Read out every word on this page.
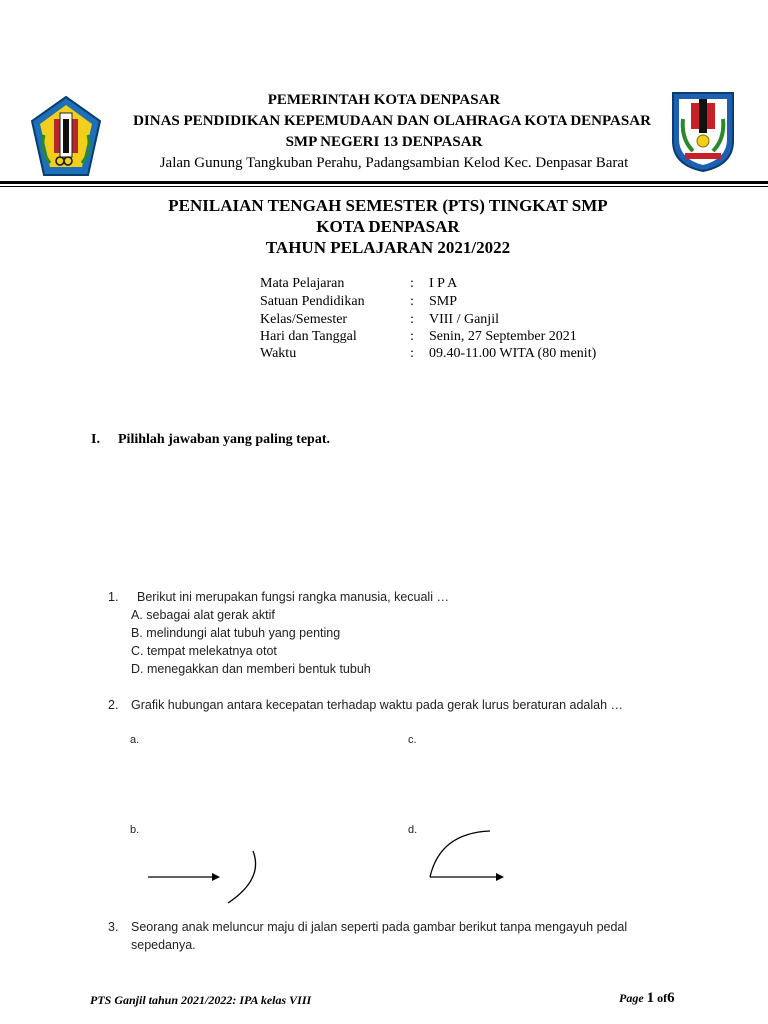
PEMERINTAH KOTA DENPASAR
DINAS PENDIDIKAN KEPEMUDAAN DAN OLAHRAGA KOTA DENPASAR
SMP NEGERI 13 DENPASAR
Jalan Gunung Tangkuban Perahu, Padangsambian Kelod Kec. Denpasar Barat
PENILAIAN TENGAH SEMESTER (PTS) TINGKAT SMP
KOTA DENPASAR
TAHUN PELAJARAN 2021/2022
Mata Pelajaran	: I P A
Satuan Pendidikan	: SMP
Kelas/Semester	: VIII / Ganjil
Hari dan Tanggal	: Senin, 27 September 2021
Waktu	: 09.40-11.00 WITA (80 menit)
I. Pilihlah jawaban yang paling tepat.
1. Berikut ini merupakan fungsi rangka manusia, kecuali …
A. sebagai alat gerak aktif
B. melindungi alat tubuh yang penting
C. tempat melekatnya otot
D. menegakkan dan memberi bentuk tubuh
2. Grafik hubungan antara kecepatan terhadap waktu pada gerak lurus beraturan adalah …
a.	c.
b.	d.
3. Seorang anak meluncur maju di jalan seperti pada gambar berikut tanpa mengayuh pedal
sepedanya.
PTS Ganjil tahun 2021/2022: IPA kelas VIII	Page 1 of6
